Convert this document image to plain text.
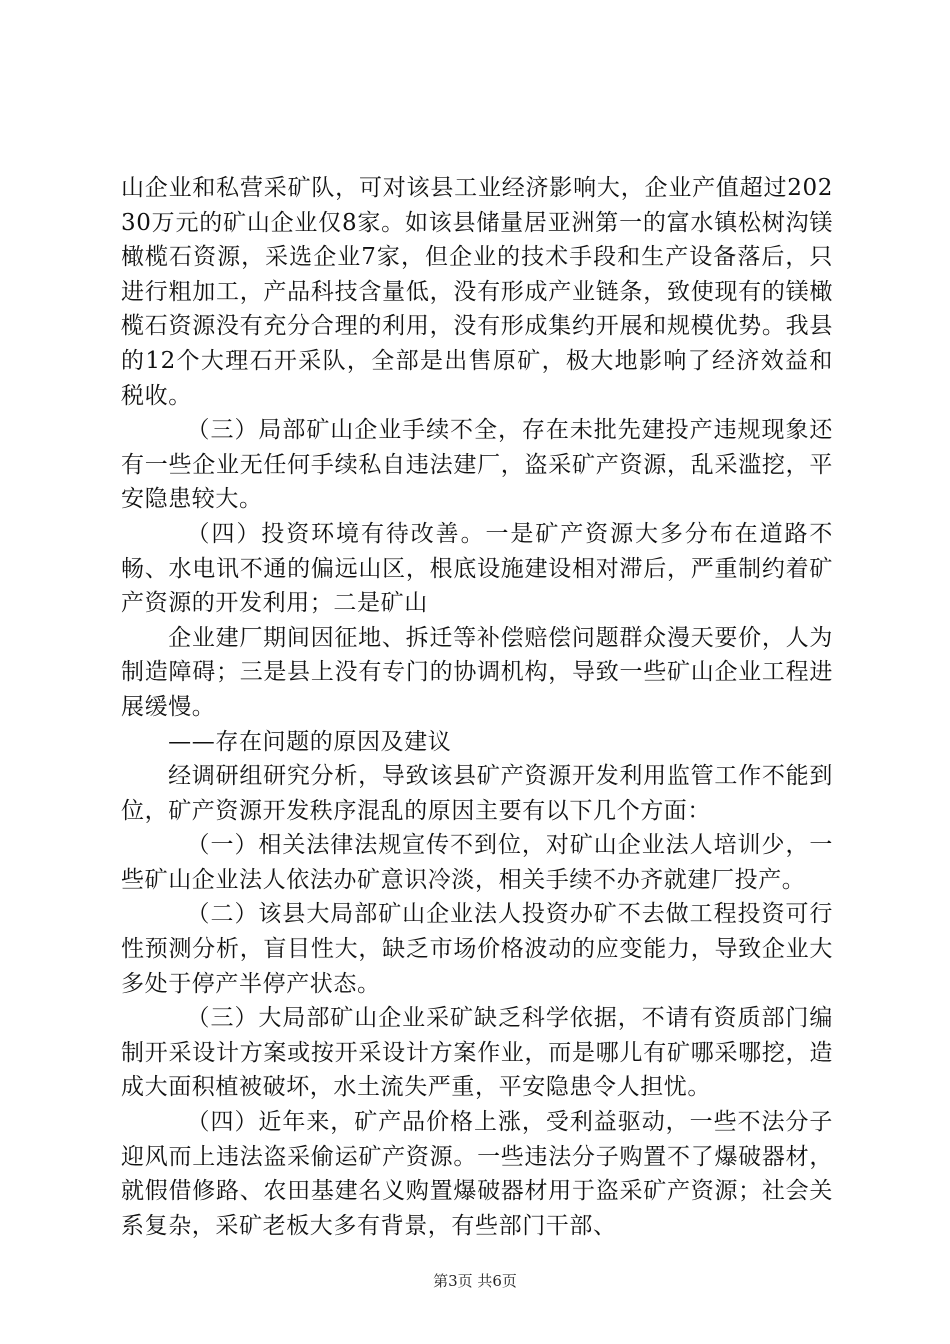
山企业和私营采矿队，可对该县工业经济影响大，企业产值超过20230万元的矿山企业仅8家。如该县储量居亚洲第一的富水镇松树沟镁橄榄石资源，采选企业7家，但企业的技术手段和生产设备落后，只进行粗加工，产品科技含量低，没有形成产业链条，致使现有的镁橄榄石资源没有充分合理的利用，没有形成集约开展和规模优势。我县的12个大理石开采队，全部是出售原矿，极大地影响了经济效益和税收。

（三）局部矿山企业手续不全，存在未批先建投产违规现象还有一些企业无任何手续私自违法建厂，盗采矿产资源，乱采滥挖，平安隐患较大。

（四）投资环境有待改善。一是矿产资源大多分布在道路不畅、水电讯不通的偏远山区，根底设施建设相对滞后，严重制约着矿产资源的开发利用；二是矿山

企业建厂期间因征地、拆迁等补偿赔偿问题群众漫天要价，人为制造障碍；三是县上没有专门的协调机构，导致一些矿山企业工程进展缓慢。

——存在问题的原因及建议

经调研组研究分析，导致该县矿产资源开发利用监管工作不能到位，矿产资源开发秩序混乱的原因主要有以下几个方面：

（一）相关法律法规宣传不到位，对矿山企业法人培训少，一些矿山企业法人依法办矿意识冷淡，相关手续不办齐就建厂投产。

（二）该县大局部矿山企业法人投资办矿不去做工程投资可行性预测分析，盲目性大，缺乏市场价格波动的应变能力，导致企业大多处于停产半停产状态。

（三）大局部矿山企业采矿缺乏科学依据，不请有资质部门编制开采设计方案或按开采设计方案作业，而是哪儿有矿哪采哪挖，造成大面积植被破坏，水土流失严重，平安隐患令人担忧。

（四）近年来，矿产品价格上涨，受利益驱动，一些不法分子迎风而上违法盗采偷运矿产资源。一些违法分子购置不了爆破器材，就假借修路、农田基建名义购置爆破器材用于盗采矿产资源；社会关系复杂，采矿老板大多有背景，有些部门干部、

第3页 共6页
